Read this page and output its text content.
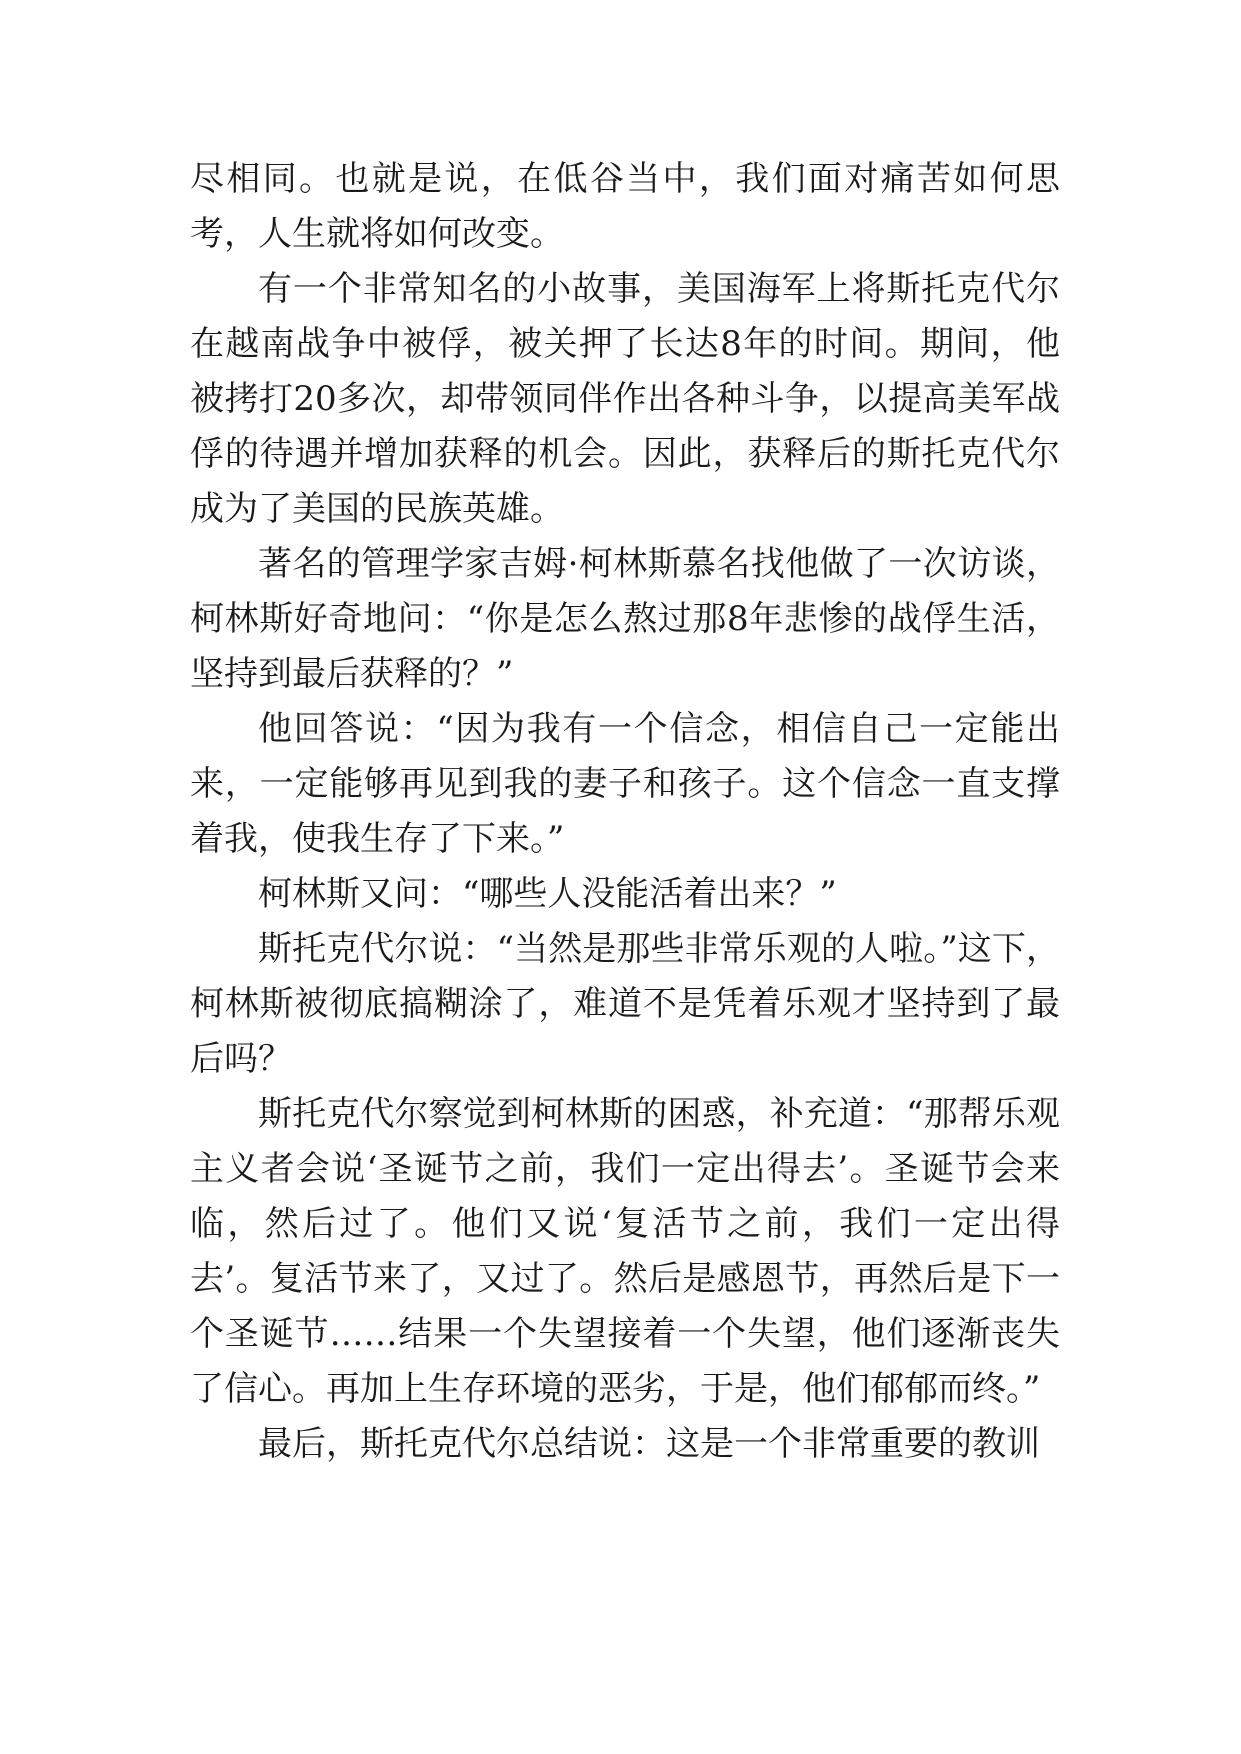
尽相同。也就是说，在低谷当中，我们面对痛苦如何思考，人生就将如何改变。

有一个非常知名的小故事，美国海军上将斯托克代尔在越南战争中被俘，被关押了长达8年的时间。期间，他被拷打20多次，却带领同伴作出各种斗争，以提高美军战俘的待遇并增加获释的机会。因此，获释后的斯托克代尔成为了美国的民族英雄。

著名的管理学家吉姆·柯林斯慕名找他做了一次访谈，柯林斯好奇地问：“你是怎么熬过那8年悲惨的战俘生活，坚持到最后获释的？”

他回答说：“因为我有一个信念，相信自己一定能出来，一定能够再见到我的妻子和孩子。这个信念一直支撑着我，使我生存了下来。”

柯林斯又问：“哪些人没能活着出来？”

斯托克代尔说：“当然是那些非常乐观的人啦。”这下，柯林斯被彻底搞糊涂了，难道不是凭着乐观才坚持到了最后吗？

斯托克代尔察觉到柯林斯的困惑，补充道：“那帮乐观主义者会说‘圣诞节之前，我们一定出得去’。圣诞节会来临，然后过了。他们又说‘复活节之前，我们一定出得去’。复活节来了，又过了。然后是感恩节，再然后是下一个圣诞节……结果一个失望接着一个失望，他们逐渐丧失了信心。再加上生存环境的恶劣，于是，他们郁郁而终。”

最后，斯托克代尔总结说：这是一个非常重要的教训
